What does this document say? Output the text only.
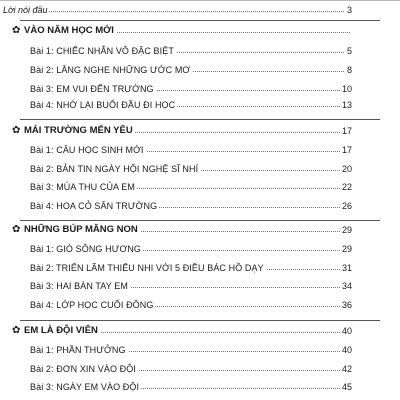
Lời nói đầu	3
✿ VÀO NĂM HỌC MỚI
Bài 1: CHIẾC NHẪN VÔ ĐẶC BIỆT	5
Bài 2: LẮNG NGHE NHỮNG ƯỚC MƠ	8
Bài 3: EM VUI ĐẾN TRƯỜNG	10
Bài 4: NHỚ LẠI BUỔI ĐẦU ĐI HỌC	13
✿ MÁI TRƯỜNG MẾN YÊU	17
Bài 1: CÂU HỌC SINH MỚI	17
Bài 2: BẢN TIN NGÀY HỘI NGHỆ SĨ NHÍ	20
Bài 3: MÙA THU CỦA EM	22
Bài 4: HOA CỎ SÂN TRƯỜNG	26
✿ NHỮNG BÚP MĂNG NON	29
Bài 1: GIÓ SÔNG HƯƠNG	29
Bài 2: TRIỂN LÃM THIẾU NHI VỚI 5 ĐIỀU BÁC HỒ DẠY	31
Bài 3: HAI BÀN TAY EM	34
Bài 4: LỚP HỌC CUỐI ĐÔNG	36
✿ EM LÀ ĐỘI VIÊN	40
Bài 1: PHẦN THƯỞNG	40
Bài 2: ĐƠN XIN VÀO ĐỘI	42
Bài 3: NGÀY EM VÀO ĐỘI	45
